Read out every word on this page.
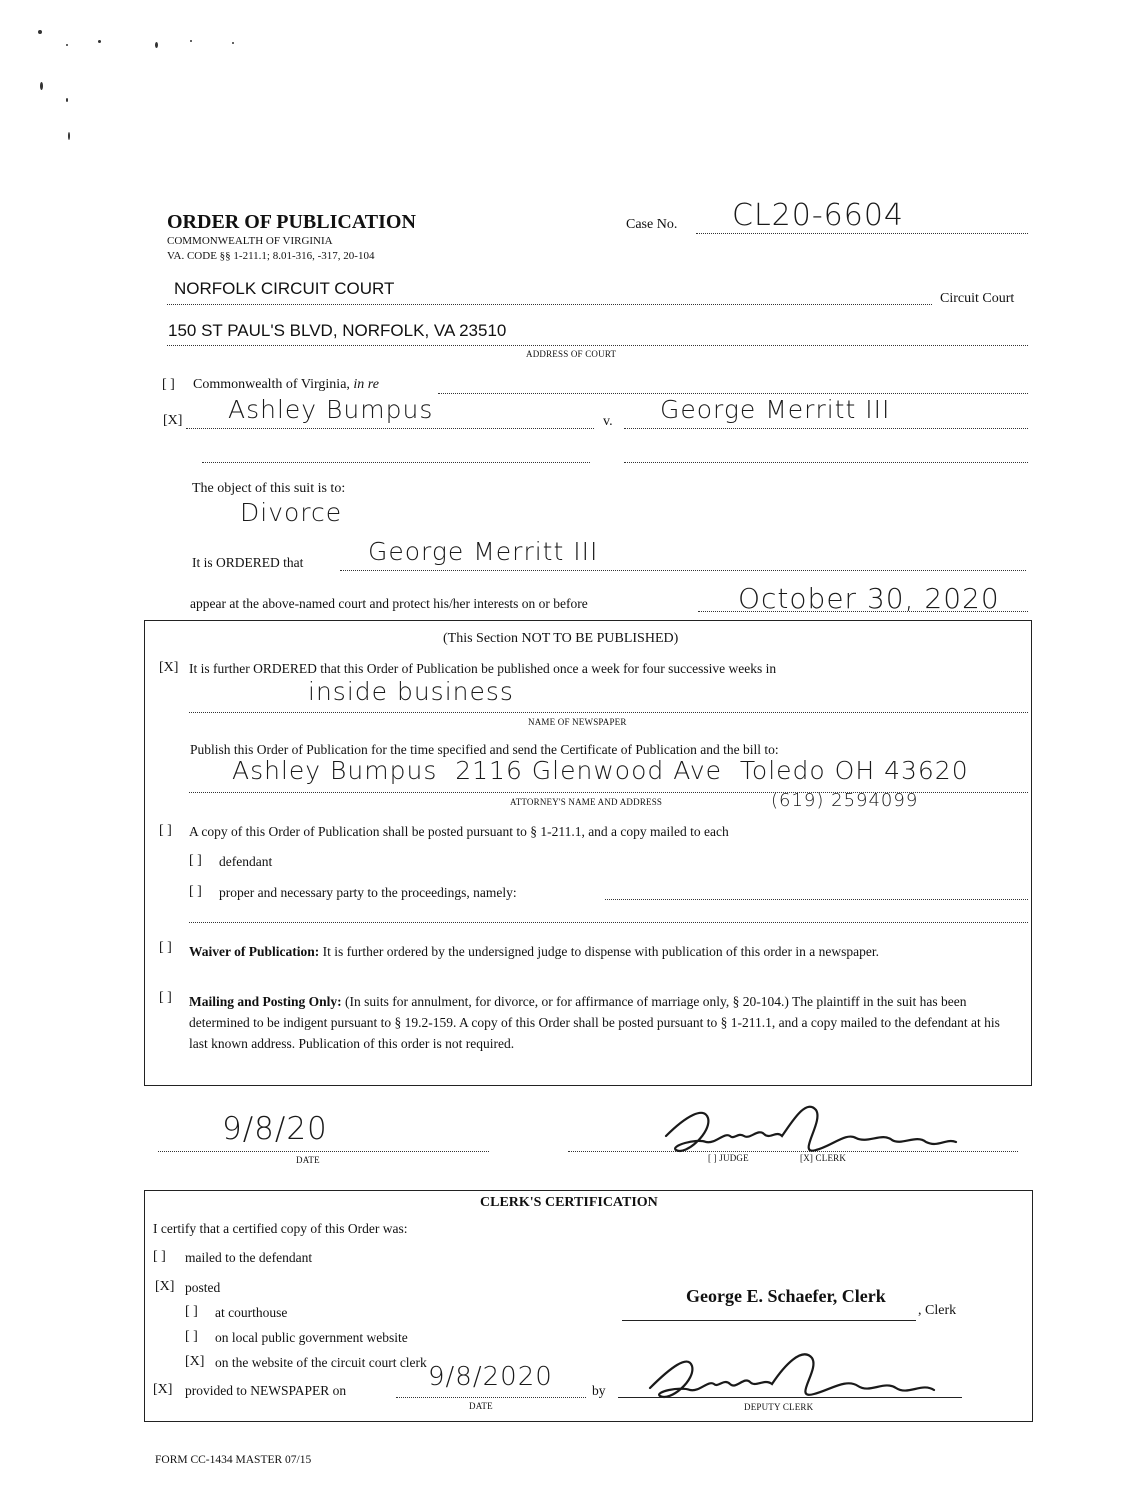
ORDER OF PUBLICATION
COMMONWEALTH OF VIRGINIA
VA. CODE §§ 1-211.1; 8.01-316, -317, 20-104
Case No. CL20-6604
NORFOLK CIRCUIT COURT
Circuit Court
150 ST PAUL'S BLVD, NORFOLK, VA 23510
ADDRESS OF COURT
[ ] Commonwealth of Virginia, in re
[X] Ashley Bumpus	v. George Merritt III
The object of this suit is to:
Divorce
It is ORDERED that	George Merritt III
appear at the above-named court and protect his/her interests on or before	October 30, 2020
(This Section NOT TO BE PUBLISHED)
[X] It is further ORDERED that this Order of Publication be published once a week for four successive weeks in
inside business
NAME OF NEWSPAPER
Publish this Order of Publication for the time specified and send the Certificate of Publication and the bill to:
Ashley Bumpus  2116 Glenwood Ave  Toledo OH 43620
ATTORNEY'S NAME AND ADDRESS	(619) 2594099
[ ] A copy of this Order of Publication shall be posted pursuant to § 1-211.1, and a copy mailed to each
[ ] defendant
[ ] proper and necessary party to the proceedings, namely:
[ ] Waiver of Publication: It is further ordered by the undersigned judge to dispense with publication of this order in a newspaper.
[ ] Mailing and Posting Only: (In suits for annulment, for divorce, or for affirmance of marriage only, § 20-104.) The plaintiff in the suit has been determined to be indigent pursuant to § 19.2-159. A copy of this Order shall be posted pursuant to § 1-211.1, and a copy mailed to the defendant at his last known address. Publication of this order is not required.
9/8/20
DATE	[ ] JUDGE	[X] CLERK
CLERK'S CERTIFICATION
I certify that a certified copy of this Order was:
[ ] mailed to the defendant
[X] posted
[ ] at courthouse
[ ] on local public government website
[X] on the website of the circuit court clerk
[X] provided to NEWSPAPER on	9/8/2020
DATE
by
George E. Schaefer, Clerk
, Clerk
DEPUTY CLERK
FORM CC-1434 MASTER 07/15
